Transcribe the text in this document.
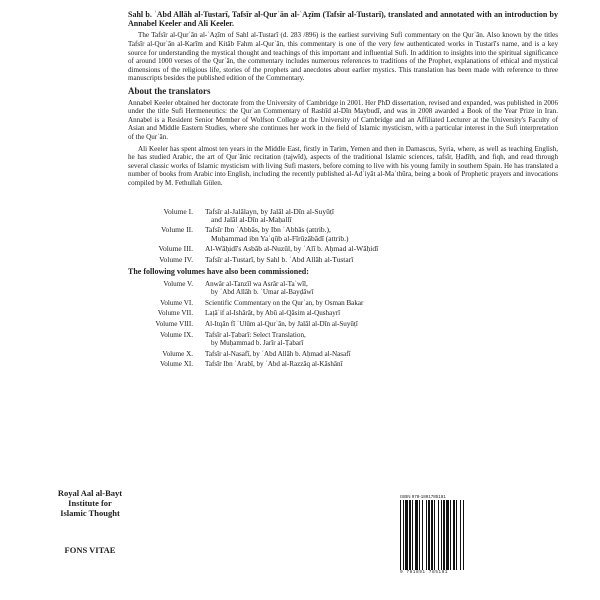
Sahl b. ʿAbd Allāh al-Tustarī, Tafsīr al-Qurʾān al-ʿAẓīm (Tafsīr al-Tustarī), translated and annotated with an introduction by Annabel Keeler and Ali Keeler.

The Tafsīr al-Qurʾān al-ʿAẓīm of Sahl al-Tustarī (d. 283 /896) is the earliest surviving Sufi commentary on the Qurʾān. Also known by the titles Tafsīr al-Qurʾān al-Karīm and Kitāb Fahm al-Qurʾān, this commentary is one of the very few authenticated works in Tustarī's name, and is a key source for understanding the mystical thought and teachings of this important and influential Sufi. In addition to insights into the spiritual significance of around 1000 verses of the Qurʾān, the commentary includes numerous references to traditions of the Prophet, explanations of ethical and mystical dimensions of the religious life, stories of the prophets and anecdotes about earlier mystics. This translation has been made with reference to three manuscripts besides the published edition of the Commentary.

About the translators

Annabel Keeler obtained her doctorate from the University of Cambridge in 2001. Her PhD dissertation, revised and expanded, was published in 2006 under the title Sufi Hermeneutics: the Qurʾan Commentary of Rashīd al-Dīn Maybudī, and was in 2008 awarded a Book of the Year Prize in Iran. Annabel is a Resident Senior Member of Wolfson College at the University of Cambridge and an Affiliated Lecturer at the University's Faculty of Asian and Middle Eastern Studies, where she continues her work in the field of Islamic mysticism, with a particular interest in the Sufi interpretation of the Qurʾān.

Ali Keeler has spent almost ten years in the Middle East, firstly in Tarim, Yemen and then in Damascus, Syria, where, as well as teaching English, he has studied Arabic, the art of Qurʾānic recitation (tajwīd), aspects of the traditional Islamic sciences, tafsīr, Ḥadīth, and fiqh, and read through several classic works of Islamic mysticism with living Sufi masters, before coming to live with his young family in southern Spain. He has translated a number of books from Arabic into English, including the recently published al-Adʿiyāt al-Maʾthūra, being a book of Prophetic prayers and invocations compiled by M. Fethullah Gülen.

Volume I.	Tafsīr al-Jalālayn, by Jalāl al-Dīn al-Suyūṭī
and Jalāl al-Dīn al-Maḥallī
Volume II.	Tafsīr Ibn ʿAbbās, by Ibn ʿAbbās (attrib.),
Muḥammad ibn Yaʿqūb al-Fīrūzābādī (attrib.)
Volume III.	Al-Wāḥidī's Asbāb al-Nuzūl, by ʿAlī b. Aḥmad al-Wāḥidī
Volume IV.	Tafsīr al-Tustarī, by Sahl b. ʿAbd Allāh al-Tustarī
The following volumes have also been commissioned:
Volume V.	Anwār al-Tanzīl wa Asrār al-Taʾwīl,
by ʿAbd Allāh b. ʿUmar al-Bayḍāwī
Volume VI.	Scientific Commentary on the Qurʾan, by Osman Bakar
Volume VII.	Laṭāʾif al-Ishārāt, by Abū al-Qāsim al-Qushayrī
Volume VIII.	Al-Itqān fī ʿUlūm al-Qurʾān, by Jalāl al-Dīn al-Suyūṭī
Volume IX.	Tafsīr al-Ṭabarī: Select Translation,
by Muḥammad b. Jarīr al-Ṭabarī
Volume X.	Tafsīr al-Nasafī, by ʿAbd Allāh b. Aḥmad al-Nasafī
Volume XI.	Tafsīr Ibn ʿArabī, by ʿAbd al-Razzāq al-Kāshānī
Royal Aal al-Bayt
Institute for
Islamic Thought
FONS VITAE
ISBN 978-1891785191
9 781891 785191
